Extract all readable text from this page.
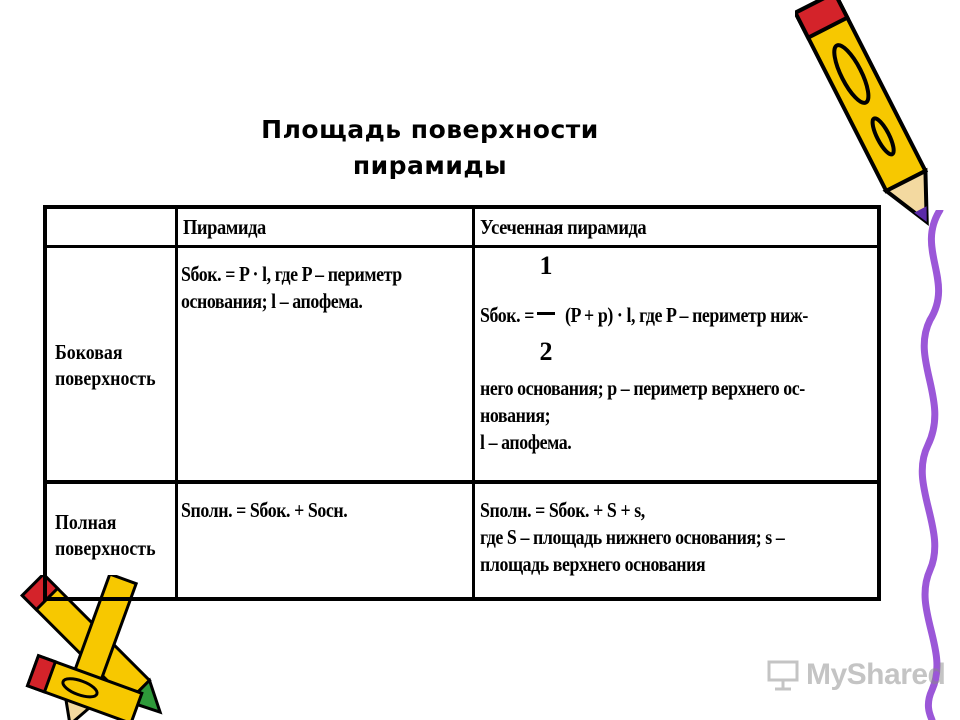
Площадь поверхности
пирамиды
Пирамида	Усеченная пирамида
Боковая
поверхность
Sбок. = P · l, где P – периметр
основания; l – апофема.
1
2
Sбок. = (P + p) · l, где P – периметр ниж-
него основания; p – периметр верхнего ос-
нования;
l – апофема.
Полная
поверхность
Sполн. = Sбок. + Sосн.	Sполн. = Sбок. + S + s,
где S – площадь нижнего основания; s –
площадь верхнего основания
MyShared
